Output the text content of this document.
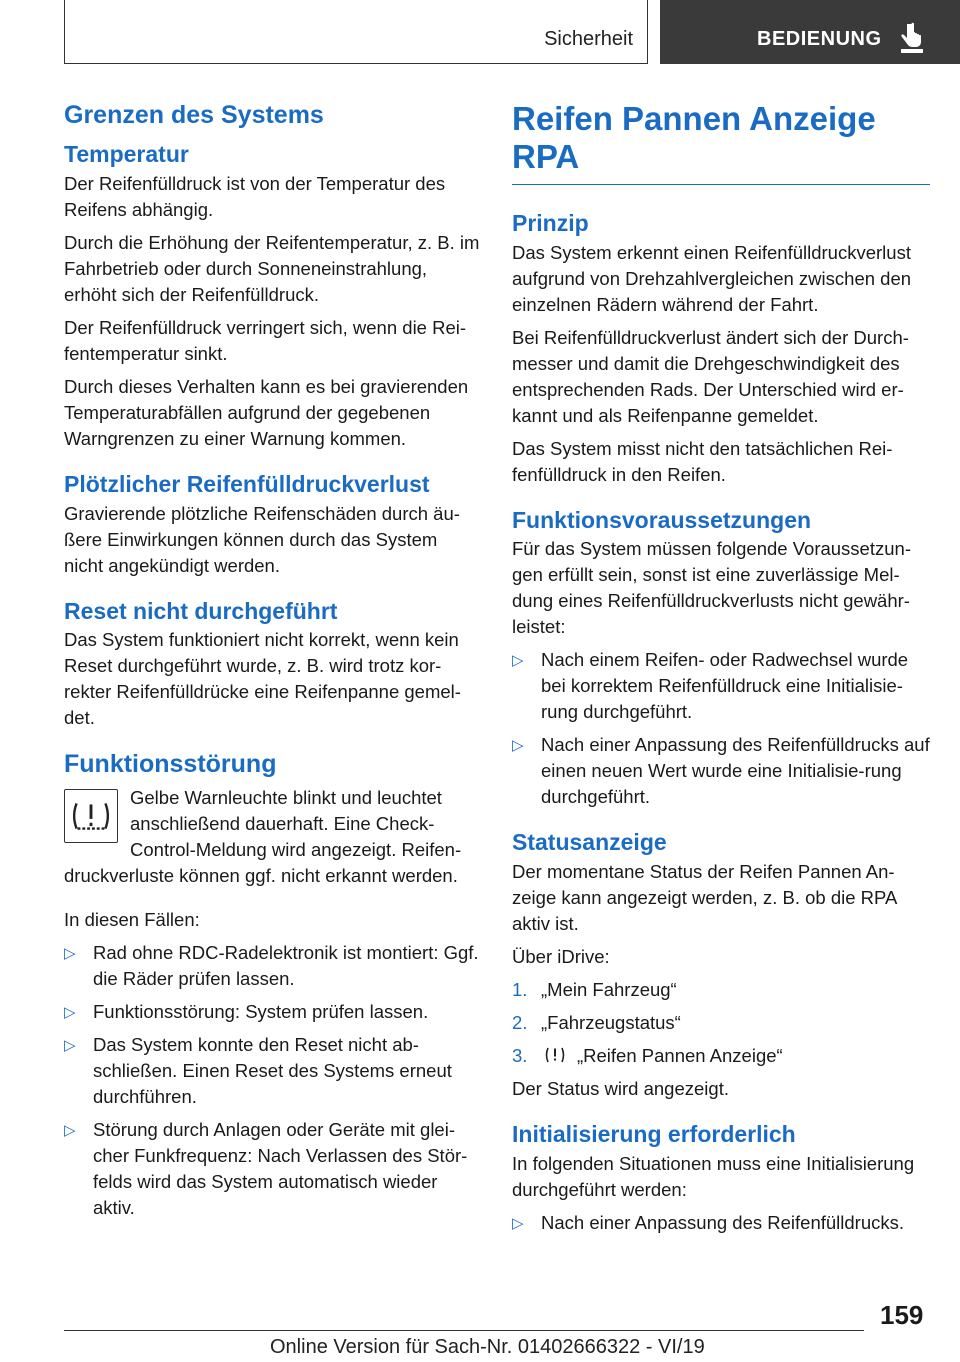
Sicherheit	BEDIENUNG
Grenzen des Systems
Temperatur

Der Reifenfülldruck ist von der Temperatur des Reifens abhängig.

Durch die Erhöhung der Reifentemperatur, z. B. im Fahrbetrieb oder durch Sonneneinstrahlung, erhöht sich der Reifenfülldruck.

Der Reifenfülldruck verringert sich, wenn die Rei‐fentemperatur sinkt.

Durch dieses Verhalten kann es bei gravierenden Temperaturabfällen aufgrund der gegebenen Warngrenzen zu einer Warnung kommen.

Plötzlicher Reifenfülldruckverlust

Gravierende plötzliche Reifenschäden durch äu‐ßere Einwirkungen können durch das System nicht angekündigt werden.

Reset nicht durchgeführt

Das System funktioniert nicht korrekt, wenn kein Reset durchgeführt wurde, z. B. wird trotz kor‐rekter Reifenfülldrücke eine Reifenpanne gemel‐det.

Funktionsstörung

Gelbe Warnleuchte blinkt und leuchtet anschließend dauerhaft. Eine Check-Control-Meldung wird angezeigt. Reifen‐druckverluste können ggf. nicht erkannt werden.

In diesen Fällen:

▷ Rad ohne RDC-Radelektronik ist montiert: Ggf. die Räder prüfen lassen.
▷ Funktionsstörung: System prüfen lassen.
▷ Das System konnte den Reset nicht ab‐schließen. Einen Reset des Systems erneut durchführen.
▷ Störung durch Anlagen oder Geräte mit glei‐cher Funkfrequenz: Nach Verlassen des Stör‐felds wird das System automatisch wieder aktiv.
Reifen Pannen Anzeige RPA
Prinzip

Das System erkennt einen Reifenfülldruckverlust aufgrund von Drehzahlvergleichen zwischen den einzelnen Rädern während der Fahrt.

Bei Reifenfülldruckverlust ändert sich der Durch‐messer und damit die Drehgeschwindigkeit des entsprechenden Rads. Der Unterschied wird er‐kannt und als Reifenpanne gemeldet.

Das System misst nicht den tatsächlichen Rei‐fenfülldruck in den Reifen.

Funktionsvoraussetzungen

Für das System müssen folgende Voraussetzun‐gen erfüllt sein, sonst ist eine zuverlässige Mel‐dung eines Reifenfülldruckverlusts nicht gewähr‐leistet:

▷ Nach einem Reifen- oder Radwechsel wurde bei korrektem Reifenfülldruck eine Initialisie‐rung durchgeführt.
▷ Nach einer Anpassung des Reifenfülldrucks auf einen neuen Wert wurde eine Initialisie‐rung durchgeführt.
Statusanzeige

Der momentane Status der Reifen Pannen An‐zeige kann angezeigt werden, z. B. ob die RPA aktiv ist.

Über iDrive:

1. „Mein Fahrzeug“
2. „Fahrzeugstatus“
3.	„Reifen Pannen Anzeige“

Der Status wird angezeigt.

Initialisierung erforderlich

In folgenden Situationen muss eine Initialisierung durchgeführt werden:

▷ Nach einer Anpassung des Reifenfülldrucks.
159
Online Version für Sach-Nr. 01402666322 - VI/19
